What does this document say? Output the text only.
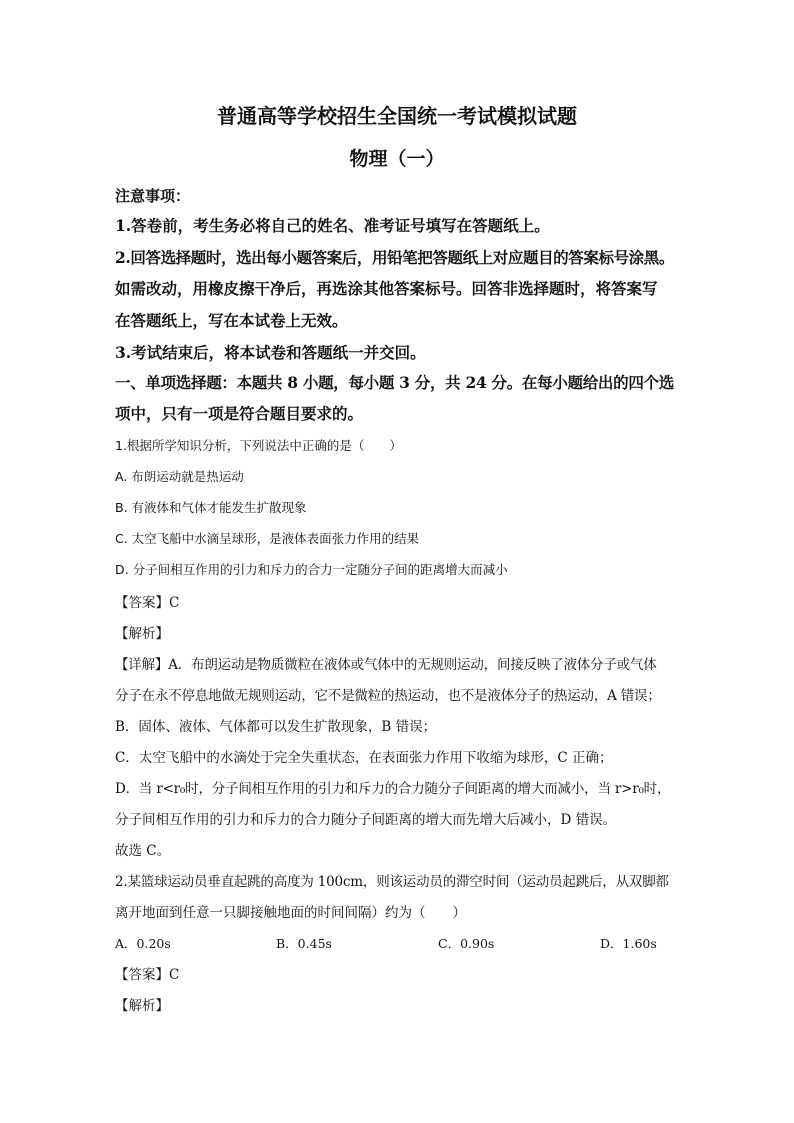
普通高等学校招生全国统一考试模拟试题
物理（一）
注意事项：
1.答卷前，考生务必将自己的姓名、准考证号填写在答题纸上。
2.回答选择题时，选出每小题答案后，用铅笔把答题纸上对应题目的答案标号涂黑。
如需改动，用橡皮擦干净后，再选涂其他答案标号。回答非选择题时，将答案写
在答题纸上，写在本试卷上无效。
3.考试结束后，将本试卷和答题纸一并交回。
一、单项选择题：本题共 8 小题，每小题 3 分，共 24 分。在每小题给出的四个选
项中，只有一项是符合题目要求的。
1.根据所学知识分析，下列说法中正确的是（　　）
A. 布朗运动就是热运动
B. 有液体和气体才能发生扩散现象
C. 太空飞船中水滴呈球形，是液体表面张力作用的结果
D. 分子间相互作用的引力和斥力的合力一定随分子间的距离增大而减小
【答案】C
【解析】
【详解】A．布朗运动是物质微粒在液体或气体中的无规则运动，间接反映了液体分子或气体
分子在永不停息地做无规则运动，它不是微粒的热运动，也不是液体分子的热运动，A 错误；
B．固体、液体、气体都可以发生扩散现象，B 错误；
C．太空飞船中的水滴处于完全失重状态，在表面张力作用下收缩为球形，C 正确；
D．当 r<r₀时，分子间相互作用的引力和斥力的合力随分子间距离的增大而减小，当 r>r₀时，
分子间相互作用的引力和斥力的合力随分子间距离的增大而先增大后减小，D 错误。
故选 C。
2.某篮球运动员垂直起跳的高度为 100cm，则该运动员的滞空时间（运动员起跳后，从双脚都
离开地面到任意一只脚接触地面的时间间隔）约为（　　）
A．0.20s	B．0.45s	C．0.90s	D．1.60s
【答案】C
【解析】
